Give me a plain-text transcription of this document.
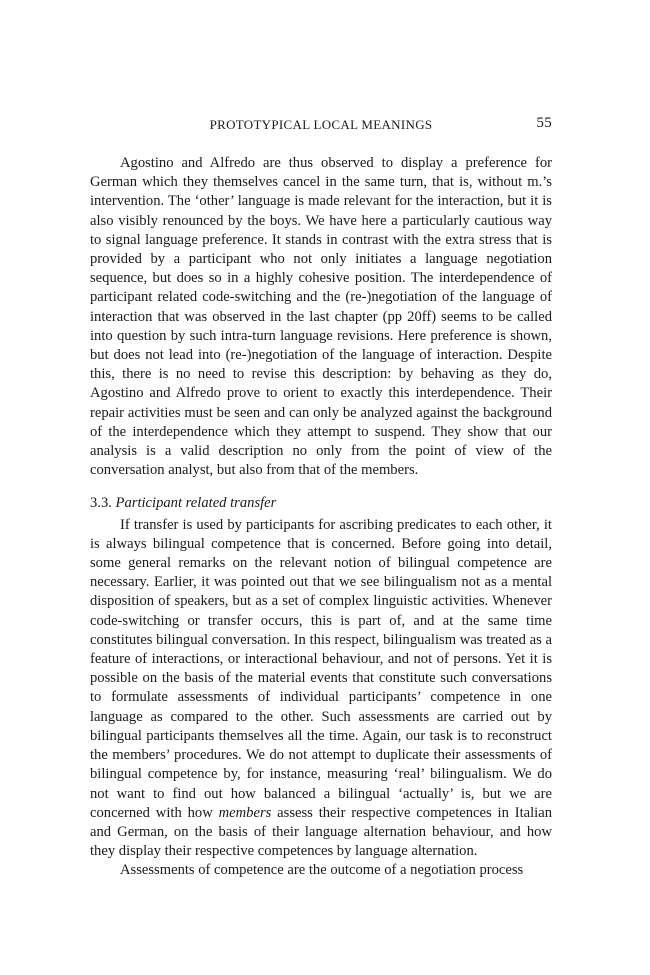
PROTOTYPICAL LOCAL MEANINGS	55

Agostino and Alfredo are thus observed to display a preference for German which they themselves cancel in the same turn, that is, without m.’s intervention. The ‘other’ language is made relevant for the interaction, but it is also visibly renounced by the boys. We have here a particularly cautious way to signal language preference. It stands in contrast with the extra stress that is provided by a participant who not only initiates a language negotiation sequence, but does so in a highly cohesive position. The interdependence of participant related code-switching and the (re-)negotiation of the language of interaction that was observed in the last chapter (pp 20ff) seems to be called into question by such intra-turn language revisions. Here preference is shown, but does not lead into (re-)negotiation of the language of interaction. Despite this, there is no need to revise this description: by behaving as they do, Agostino and Alfredo prove to orient to exactly this interdependence. Their repair activities must be seen and can only be analyzed against the background of the interdependence which they attempt to suspend. They show that our analysis is a valid description no only from the point of view of the conversation analyst, but also from that of the members.

3.3. Participant related transfer

If transfer is used by participants for ascribing predicates to each other, it is always bilingual competence that is concerned. Before going into detail, some general remarks on the relevant notion of bilingual competence are necessary. Earlier, it was pointed out that we see bilingualism not as a mental disposition of speakers, but as a set of complex linguistic activities. Whenever code-switching or transfer occurs, this is part of, and at the same time constitutes bilingual conversation. In this respect, bilingualism was treated as a feature of interactions, or interactional behaviour, and not of persons. Yet it is possible on the basis of the material events that constitute such conversations to formulate assessments of individual participants’ competence in one language as compared to the other. Such assessments are carried out by bilingual participants themselves all the time. Again, our task is to reconstruct the members’ procedures. We do not attempt to duplicate their assessments of bilingual competence by, for instance, measuring ‘real’ bilingualism. We do not want to find out how balanced a bilingual ‘actually’ is, but we are concerned with how members assess their respective competences in Italian and German, on the basis of their language alternation behaviour, and how they display their respective competences by language alternation.

Assessments of competence are the outcome of a negotiation process
